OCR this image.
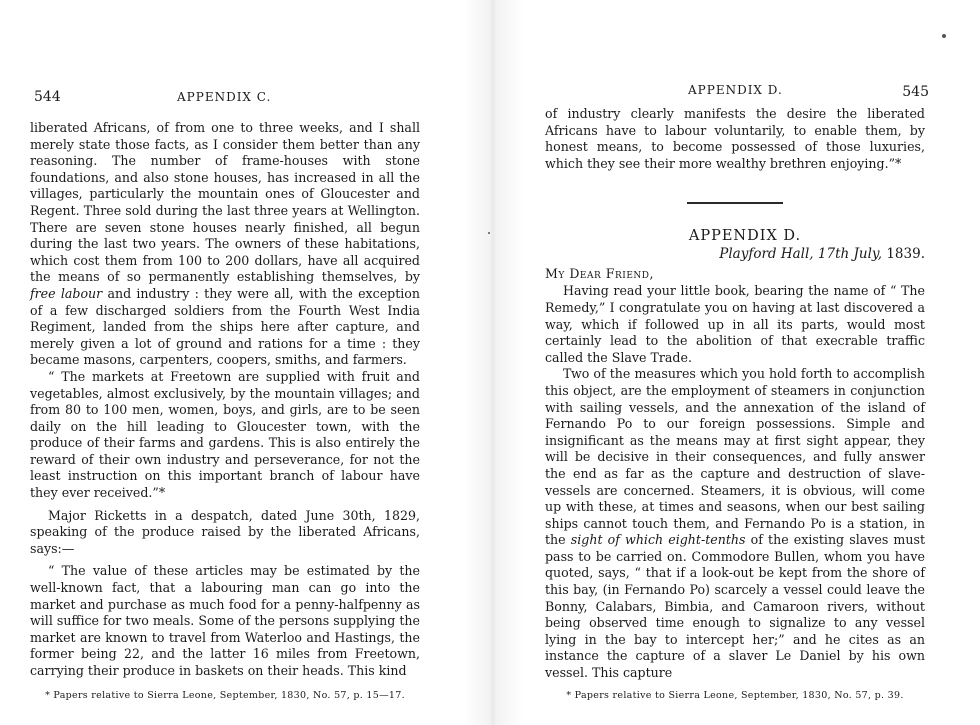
544	APPENDIX C.

liberated Africans, of from one to three weeks, and I shall merely state those facts, as I consider them better than any reasoning. The number of frame-houses with stone foundations, and also stone houses, has increased in all the villages, particularly the mountain ones of Gloucester and Regent. Three sold during the last three years at Wellington. There are seven stone houses nearly finished, all begun during the last two years. The owners of these habitations, which cost them from 100 to 200 dollars, have all acquired the means of so permanently establishing themselves, by free labour and industry : they were all, with the exception of a few discharged soldiers from the Fourth West India Regiment, landed from the ships here after capture, and merely given a lot of ground and rations for a time : they became masons, carpenters, coopers, smiths, and farmers.

“ The markets at Freetown are supplied with fruit and vegetables, almost exclusively, by the mountain villages; and from 80 to 100 men, women, boys, and girls, are to be seen daily on the hill leading to Gloucester town, with the produce of their farms and gardens. This is also entirely the reward of their own industry and perseverance, for not the least instruction on this important branch of labour have they ever received.”*

Major Ricketts in a despatch, dated June 30th, 1829, speaking of the produce raised by the liberated Africans, says:—

“ The value of these articles may be estimated by the well-known fact, that a labouring man can go into the market and purchase as much food for a penny-halfpenny as will suffice for two meals. Some of the persons supplying the market are known to travel from Waterloo and Hastings, the former being 22, and the latter 16 miles from Freetown, carrying their produce in baskets on their heads. This kind

* Papers relative to Sierra Leone, September, 1830, No. 57, p. 15—17.
APPENDIX D.	545

of industry clearly manifests the desire the liberated Africans have to labour voluntarily, to enable them, by honest means, to become possessed of those luxuries, which they see their more wealthy brethren enjoying.”*

APPENDIX D.
Playford Hall, 17th July, 1839.
My Dear Friend,

Having read your little book, bearing the name of “ The Remedy,” I congratulate you on having at last discovered a way, which if followed up in all its parts, would most certainly lead to the abolition of that execrable traffic called the Slave Trade.

Two of the measures which you hold forth to accomplish this object, are the employment of steamers in conjunction with sailing vessels, and the annexation of the island of Fernando Po to our foreign possessions. Simple and insignificant as the means may at first sight appear, they will be decisive in their consequences, and fully answer the end as far as the capture and destruction of slave-vessels are concerned. Steamers, it is obvious, will come up with these, at times and seasons, when our best sailing ships cannot touch them, and Fernando Po is a station, in the sight of which eight-tenths of the existing slaves must pass to be carried on. Commodore Bullen, whom you have quoted, says, “ that if a look-out be kept from the shore of this bay, (in Fernando Po) scarcely a vessel could leave the Bonny, Calabars, Bimbia, and Camaroon rivers, without being observed time enough to signalize to any vessel lying in the bay to intercept her;” and he cites as an instance the capture of a slaver Le Daniel by his own vessel. This capture

* Papers relative to Sierra Leone, September, 1830, No. 57, p. 39.
